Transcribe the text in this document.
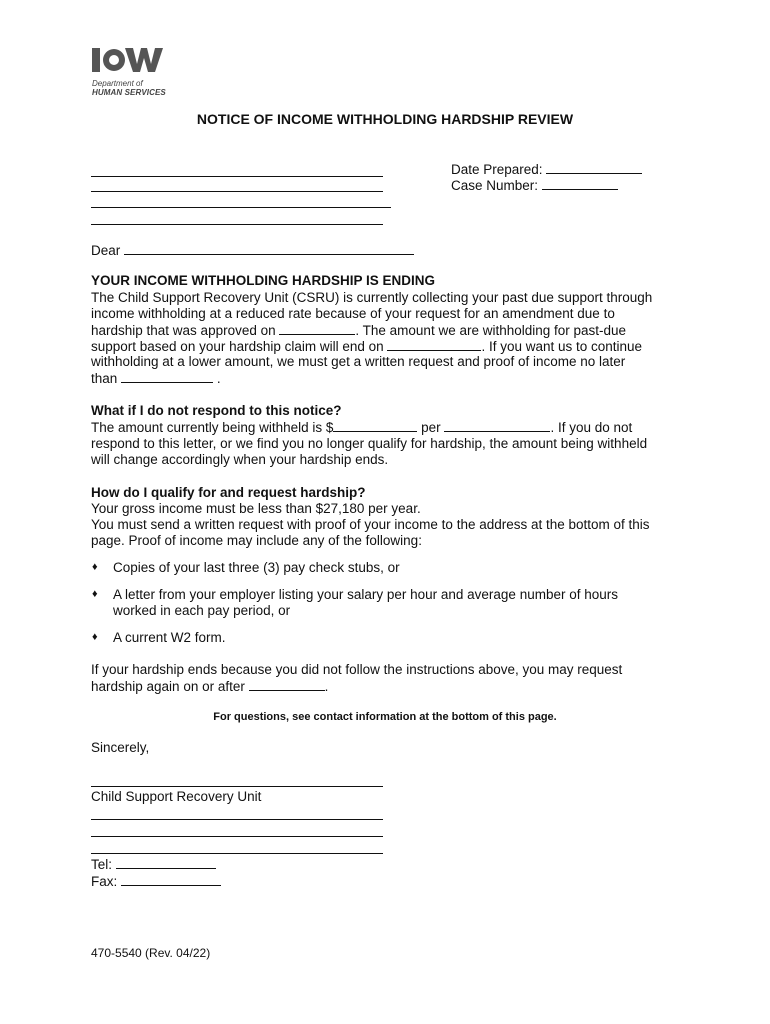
Department of
HUMAN SERVICES
NOTICE OF INCOME WITHHOLDING HARDSHIP REVIEW
Date Prepared:
Case Number:
Dear
YOUR INCOME WITHHOLDING HARDSHIP IS ENDING
The Child Support Recovery Unit (CSRU) is currently collecting your past due support through
income withholding at a reduced rate because of your request for an amendment due to
hardship that was approved on	. The amount we are withholding for past-due
support based on your hardship claim will end on	. If you want us to continue
withholding at a lower amount, we must get a written request and proof of income no later
than	.
What if I do not respond to this notice?
The amount currently being withheld is $	per	. If you do not
respond to this letter, or we find you no longer qualify for hardship, the amount being withheld
will change accordingly when your hardship ends.
How do I qualify for and request hardship?
Your gross income must be less than $27,180 per year.
You must send a written request with proof of your income to the address at the bottom of this
page. Proof of income may include any of the following:
♦ Copies of your last three (3) pay check stubs, or
♦ A letter from your employer listing your salary per hour and average number of hours
worked in each pay period, or
♦ A current W2 form.
If your hardship ends because you did not follow the instructions above, you may request
hardship again on or after	.
For questions, see contact information at the bottom of this page.
Sincerely,
Child Support Recovery Unit
Tel:
Fax:
470-5540 (Rev. 04/22)
